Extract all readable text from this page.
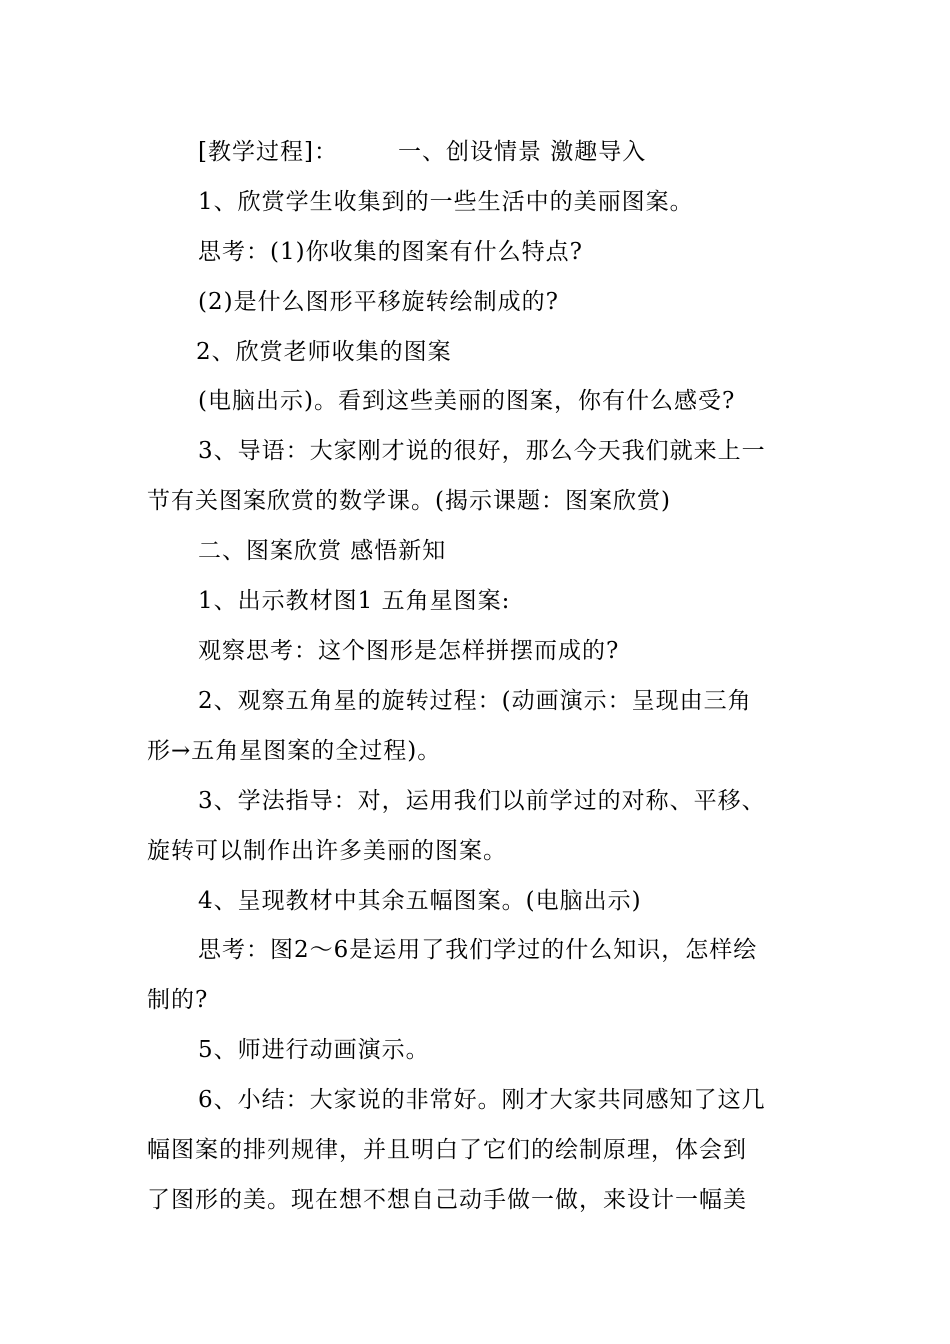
[教学过程]：	一、创设情景 激趣导入
1、欣赏学生收集到的一些生活中的美丽图案。
思考：(1)你收集的图案有什么特点?
(2)是什么图形平移旋转绘制成的?
2、欣赏老师收集的图案
(电脑出示)。看到这些美丽的图案，你有什么感受?
3、导语：大家刚才说的很好，那么今天我们就来上一
节有关图案欣赏的数学课。(揭示课题：图案欣赏)
二、图案欣赏 感悟新知
1、出示教材图1 五角星图案:
观察思考：这个图形是怎样拼摆而成的?
2、观察五角星的旋转过程：(动画演示：呈现由三角
形→五角星图案的全过程)。
3、学法指导：对，运用我们以前学过的对称、平移、
旋转可以制作出许多美丽的图案。
4、呈现教材中其余五幅图案。(电脑出示)
思考：图2～6是运用了我们学过的什么知识，怎样绘
制的?
5、师进行动画演示。
6、小结：大家说的非常好。刚才大家共同感知了这几
幅图案的排列规律，并且明白了它们的绘制原理，体会到
了图形的美。现在想不想自己动手做一做，来设计一幅美
